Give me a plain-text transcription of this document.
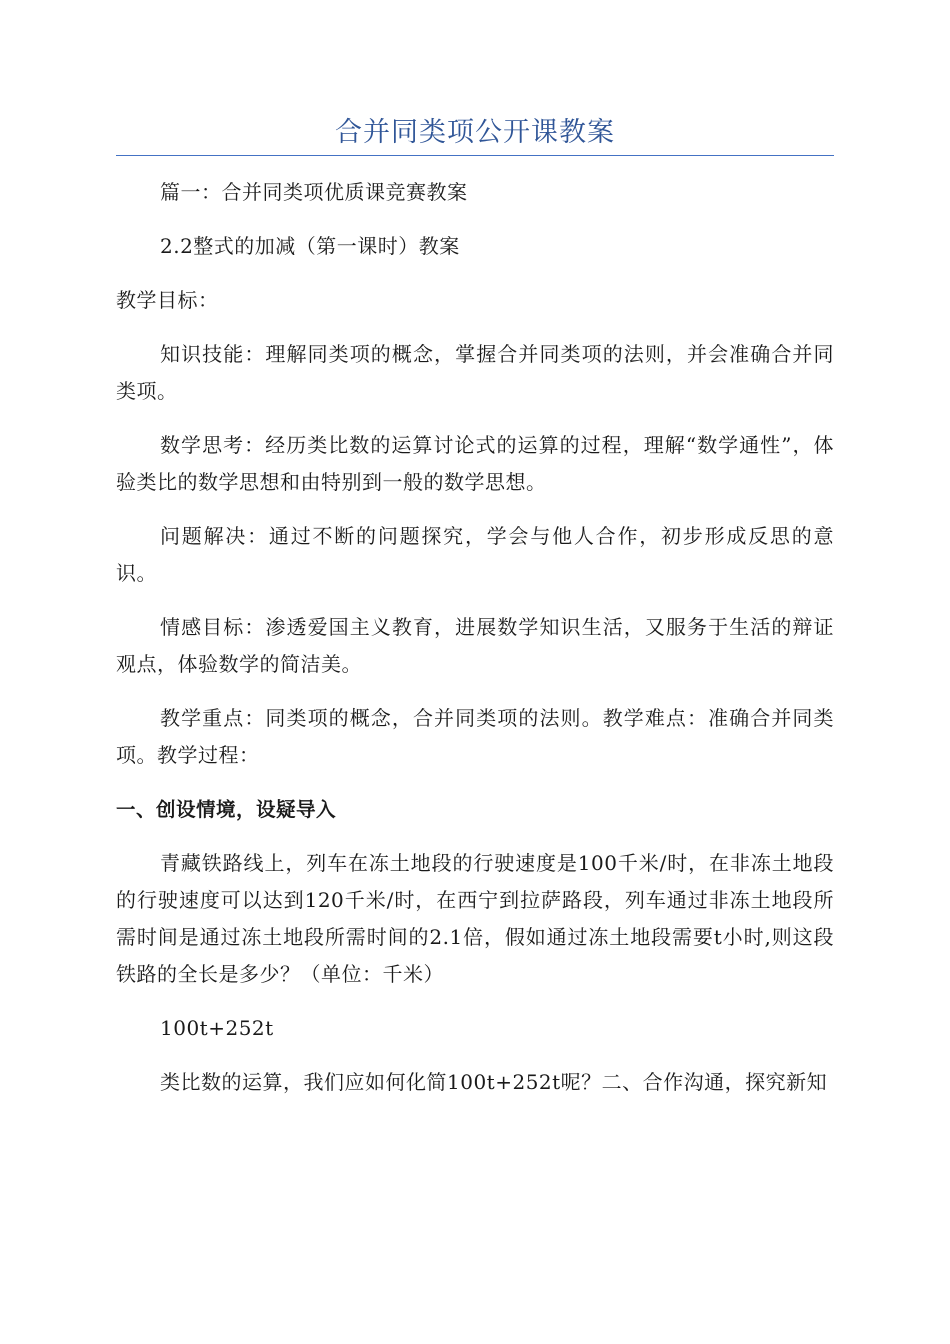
合并同类项公开课教案

篇一：合并同类项优质课竞赛教案

2.2整式的加减（第一课时）教案

教学目标：

知识技能：理解同类项的概念，掌握合并同类项的法则，并会准确合并同类项。

数学思考：经历类比数的运算讨论式的运算的过程，理解“数学通性”，体验类比的数学思想和由特别到一般的数学思想。

问题解决：通过不断的问题探究，学会与他人合作，初步形成反思的意识。

情感目标：渗透爱国主义教育，进展数学知识生活，又服务于生活的辩证观点，体验数学的简洁美。

教学重点：同类项的概念，合并同类项的法则。教学难点：准确合并同类项。教学过程：

一、创设情境，设疑导入

青藏铁路线上，列车在冻土地段的行驶速度是100千米/时，在非冻土地段的行驶速度可以达到120千米/时，在西宁到拉萨路段，列车通过非冻土地段所需时间是通过冻土地段所需时间的2.1倍，假如通过冻土地段需要t小时,则这段铁路的全长是多少？（单位：千米）

100t+252t

类比数的运算，我们应如何化简100t+252t呢？二、合作沟通，探究新知
